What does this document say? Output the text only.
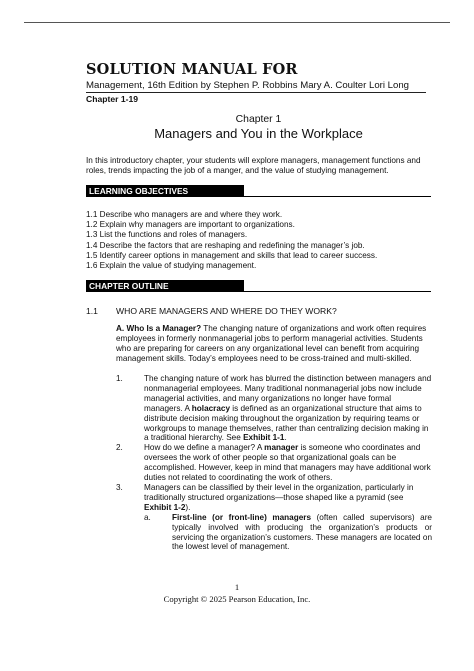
SOLUTION MANUAL FOR
Management, 16th Edition by Stephen P. Robbins Mary A. Coulter Lori Long
Chapter 1-19
Chapter 1
Managers and You in the Workplace

In this introductory chapter, your students will explore managers, management functions and roles, trends impacting the job of a manger, and the value of studying management.

LEARNING OBJECTIVES
1.1 Describe who managers are and where they work.
1.2 Explain why managers are important to organizations.
1.3 List the functions and roles of managers.
1.4 Describe the factors that are reshaping and redefining the manager’s job.
1.5 Identify career options in management and skills that lead to career success.
1.6 Explain the value of studying management.
CHAPTER OUTLINE
1.1 WHO ARE MANAGERS AND WHERE DO THEY WORK?

A. Who Is a Manager? The changing nature of organizations and work often requires employees in formerly nonmanagerial jobs to perform managerial activities. Students who are preparing for careers on any organizational level can benefit from acquiring management skills. Today’s employees need to be cross-trained and multi-skilled.

1.	The changing nature of work has blurred the distinction between managers and nonmanagerial employees. Many traditional nonmanagerial jobs now include managerial activities, and many organizations no longer have formal managers. A holacracy is defined as an organizational structure that aims to distribute decision making throughout the organization by requiring teams or workgroups to manage themselves, rather than centralizing decision making in a traditional hierarchy. See Exhibit 1-1.
2.	How do we define a manager? A manager is someone who coordinates and oversees the work of other people so that organizational goals can be accomplished. However, keep in mind that managers may have additional work duties not related to coordinating the work of others.
3.	Managers can be classified by their level in the organization, particularly in traditionally structured organizations—those shaped like a pyramid (see Exhibit 1-2).
a.	First-line (or front-line) managers (often called supervisors) are typically involved with producing the organization’s products or servicing the organization’s customers. These managers are located on the lowest level of management.
1
Copyright © 2025 Pearson Education, Inc.
